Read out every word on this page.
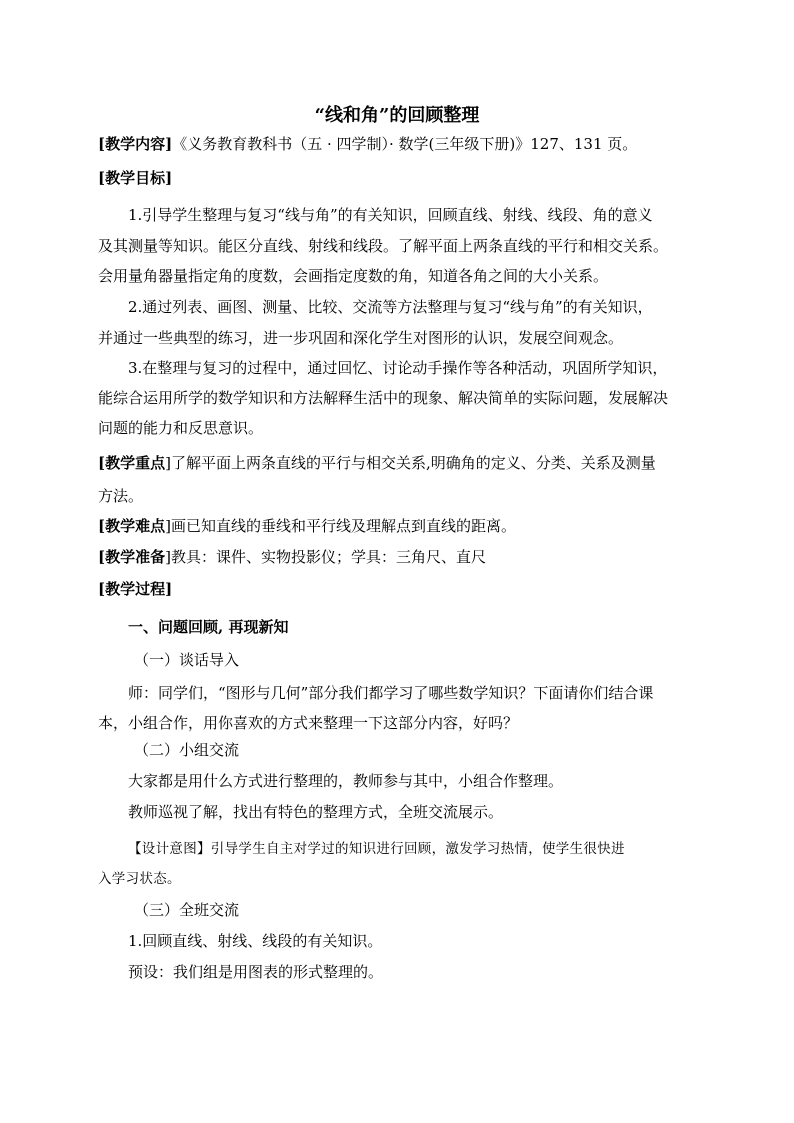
“线和角”的回顾整理

[教学内容]《义务教育教科书（五 · 四学制）· 数学(三年级下册)》127、131 页。

[教学目标]

1.引导学生整理与复习“线与角”的有关知识，回顾直线、射线、线段、角的意义

及其测量等知识。能区分直线、射线和线段。了解平面上两条直线的平行和相交关系。

会用量角器量指定角的度数，会画指定度数的角，知道各角之间的大小关系。

2.通过列表、画图、测量、比较、交流等方法整理与复习“线与角”的有关知识，

并通过一些典型的练习，进一步巩固和深化学生对图形的认识，发展空间观念。

3.在整理与复习的过程中，通过回忆、讨论动手操作等各种活动，巩固所学知识，

能综合运用所学的数学知识和方法解释生活中的现象、解决简单的实际问题，发展解决

问题的能力和反思意识。

[教学重点]了解平面上两条直线的平行与相交关系,明确角的定义、分类、关系及测量

方法。

[教学难点]画已知直线的垂线和平行线及理解点到直线的距离。

[教学准备]教具：课件、实物投影仪；学具：三角尺、直尺

[教学过程]

一、问题回顾, 再现新知

（一）谈话导入

师：同学们，“图形与几何”部分我们都学习了哪些数学知识？下面请你们结合课

本，小组合作，用你喜欢的方式来整理一下这部分内容，好吗？

（二）小组交流

大家都是用什么方式进行整理的，教师参与其中，小组合作整理。

教师巡视了解，找出有特色的整理方式，全班交流展示。

【设计意图】引导学生自主对学过的知识进行回顾，激发学习热情，使学生很快进

入学习状态。

（三）全班交流

1.回顾直线、射线、线段的有关知识。

预设：我们组是用图表的形式整理的。
